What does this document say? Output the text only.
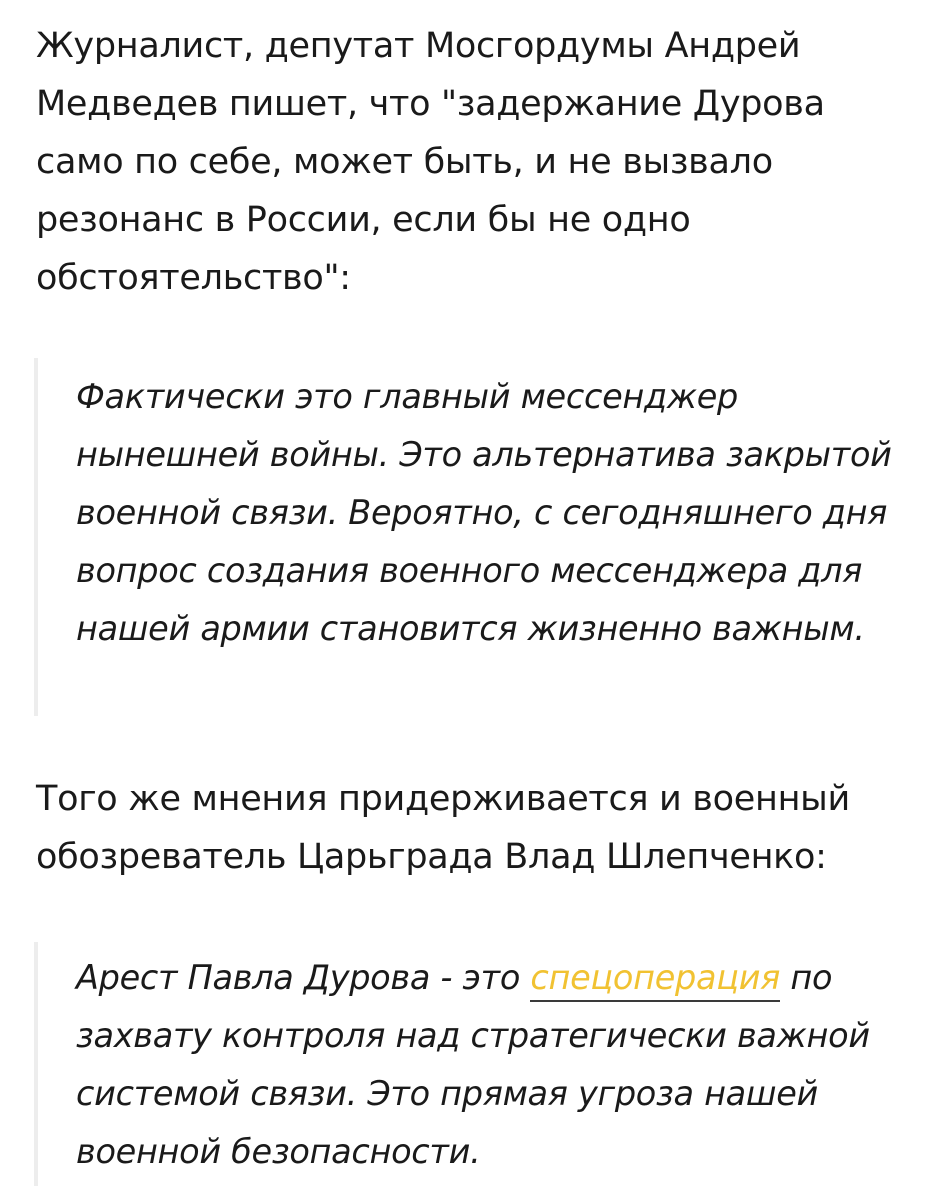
Журналист, депутат Мосгордумы Андрей Медведев пишет, что "задержание Дурова само по себе, может быть, и не вызвало резонанс в России, если бы не одно обстоятельство":

Фактически это главный мессенджер нынешней войны. Это альтернатива закрытой военной связи. Вероятно, с сегодняшнего дня вопрос создания военного мессенджера для нашей армии становится жизненно важным.

Того же мнения придерживается и военный обозреватель Царьграда Влад Шлепченко:

Арест Павла Дурова - это спецоперация по захвату контроля над стратегически важной системой связи. Это прямая угроза нашей военной безопасности.
